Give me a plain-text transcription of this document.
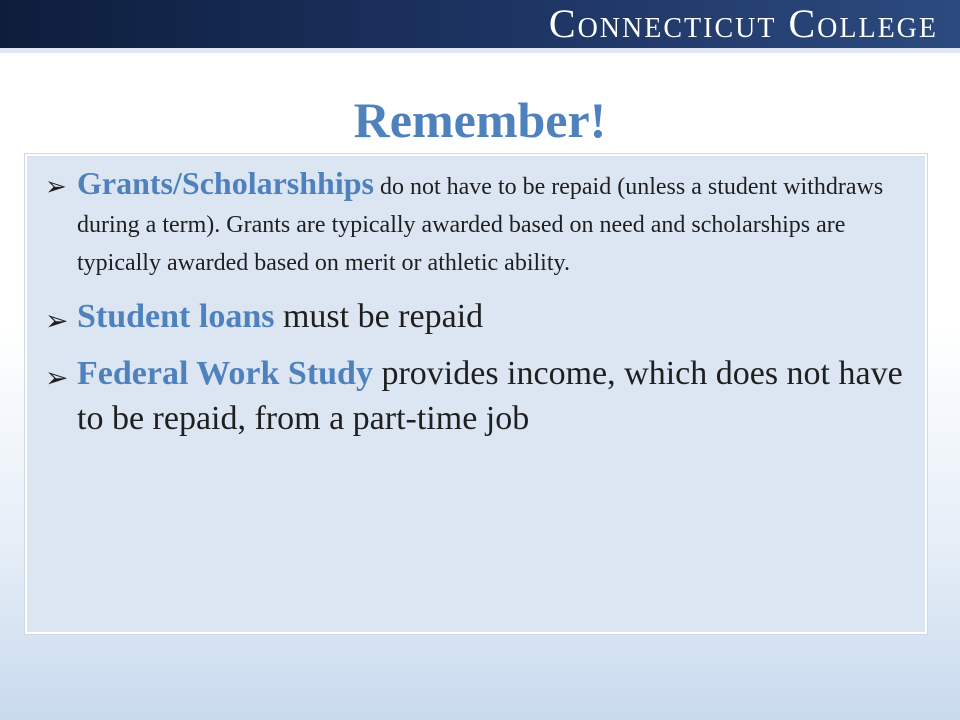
Connecticut College
Remember!
➢ Grants/Scholarshhips do not have to be repaid (unless a student withdraws during a term). Grants are typically awarded based on need and scholarships are typically awarded based on merit or athletic ability.
➢ Student loans must be repaid
➢ Federal Work Study provides income, which does not have to be repaid, from a part-time job
